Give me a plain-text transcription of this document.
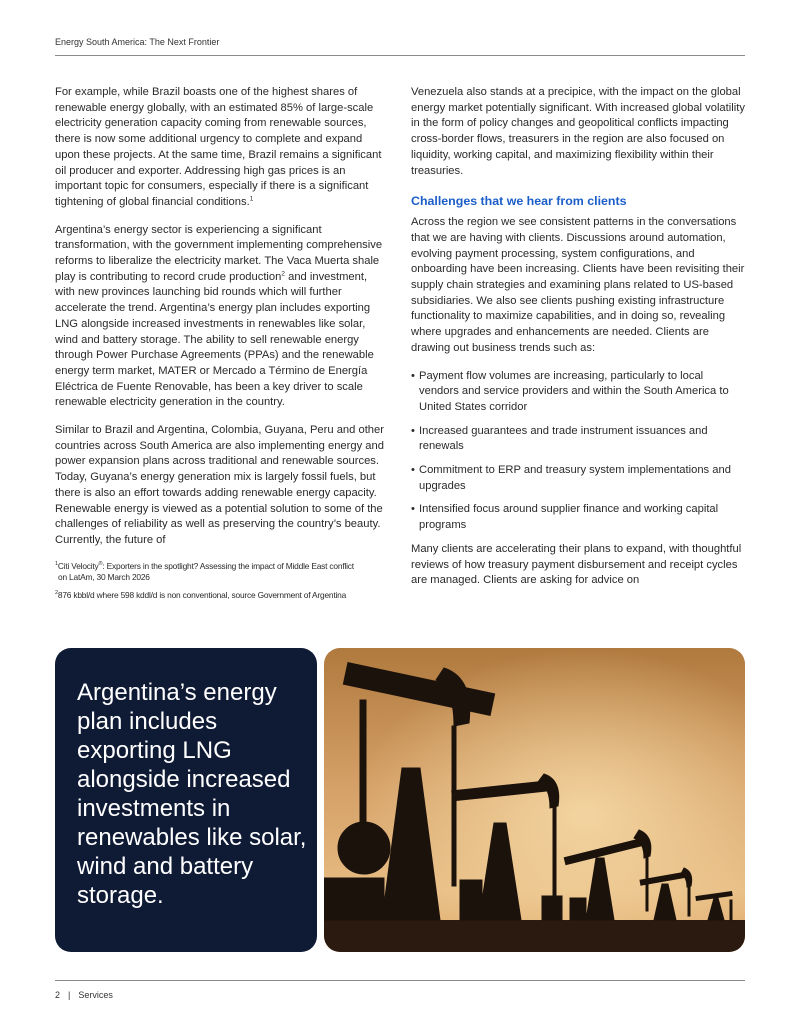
Energy South America: The Next Frontier

For example, while Brazil boasts one of the highest shares of renewable energy globally, with an estimated 85% of large-scale electricity generation capacity coming from renewable sources, there is now some additional urgency to complete and expand upon these projects. At the same time, Brazil remains a significant oil producer and exporter. Addressing high gas prices is an important topic for consumers, especially if there is a significant tightening of global financial conditions.$^1$

Argentina’s energy sector is experiencing a significant transformation, with the government implementing comprehensive reforms to liberalize the electricity market. The Vaca Muerta shale play is contributing to record crude production$^2$ and investment, with new provinces launching bid rounds which will further accelerate the trend. Argentina’s energy plan includes exporting LNG alongside increased investments in renewables like solar, wind and battery storage. The ability to sell renewable energy through Power Purchase Agreements (PPAs) and the renewable energy term market, MATER or Mercado a Término de Energía Eléctrica de Fuente Renovable, has been a key driver to scale renewable electricity generation in the country.

Similar to Brazil and Argentina, Colombia, Guyana, Peru and other countries across South America are also implementing energy and power expansion plans across traditional and renewable sources. Today, Guyana’s energy generation mix is largely fossil fuels, but there is also an effort towards adding renewable energy capacity. Renewable energy is viewed as a potential solution to some of the challenges of reliability as well as preserving the country’s beauty. Currently, the future of

$^1$Citi Velocity®: Exporters in the spotlight? Assessing the impact of Middle East conflict
on LatAm, 30 March 2026
$^2$876 kbbl/d where 598 kddl/d is non conventional, source Government of Argentina

Venezuela also stands at a precipice, with the impact on the global energy market potentially significant. With increased global volatility in the form of policy changes and geopolitical conflicts impacting cross-border flows, treasurers in the region are also focused on liquidity, working capital, and maximizing flexibility within their treasuries.

Challenges that we hear from clients

Across the region we see consistent patterns in the conversations that we are having with clients. Discussions around automation, evolving payment processing, system configurations, and onboarding have been increasing. Clients have been revisiting their supply chain strategies and examining plans related to US-based subsidiaries. We also see clients pushing existing infrastructure functionality to maximize capabilities, and in doing so, revealing where upgrades and enhancements are needed. Clients are drawing out business trends such as:

• Payment flow volumes are increasing, particularly to local vendors and service providers and within the South America to United States corridor
• Increased guarantees and trade instrument issuances and renewals
• Commitment to ERP and treasury system implementations and upgrades
• Intensified focus around supplier finance and working capital programs

Many clients are accelerating their plans to expand, with thoughtful reviews of how treasury payment disbursement and receipt cycles are managed. Clients are asking for advice on

Argentina’s energy plan includes exporting LNG alongside increased investments in renewables like solar, wind and battery storage.
2 | Services
